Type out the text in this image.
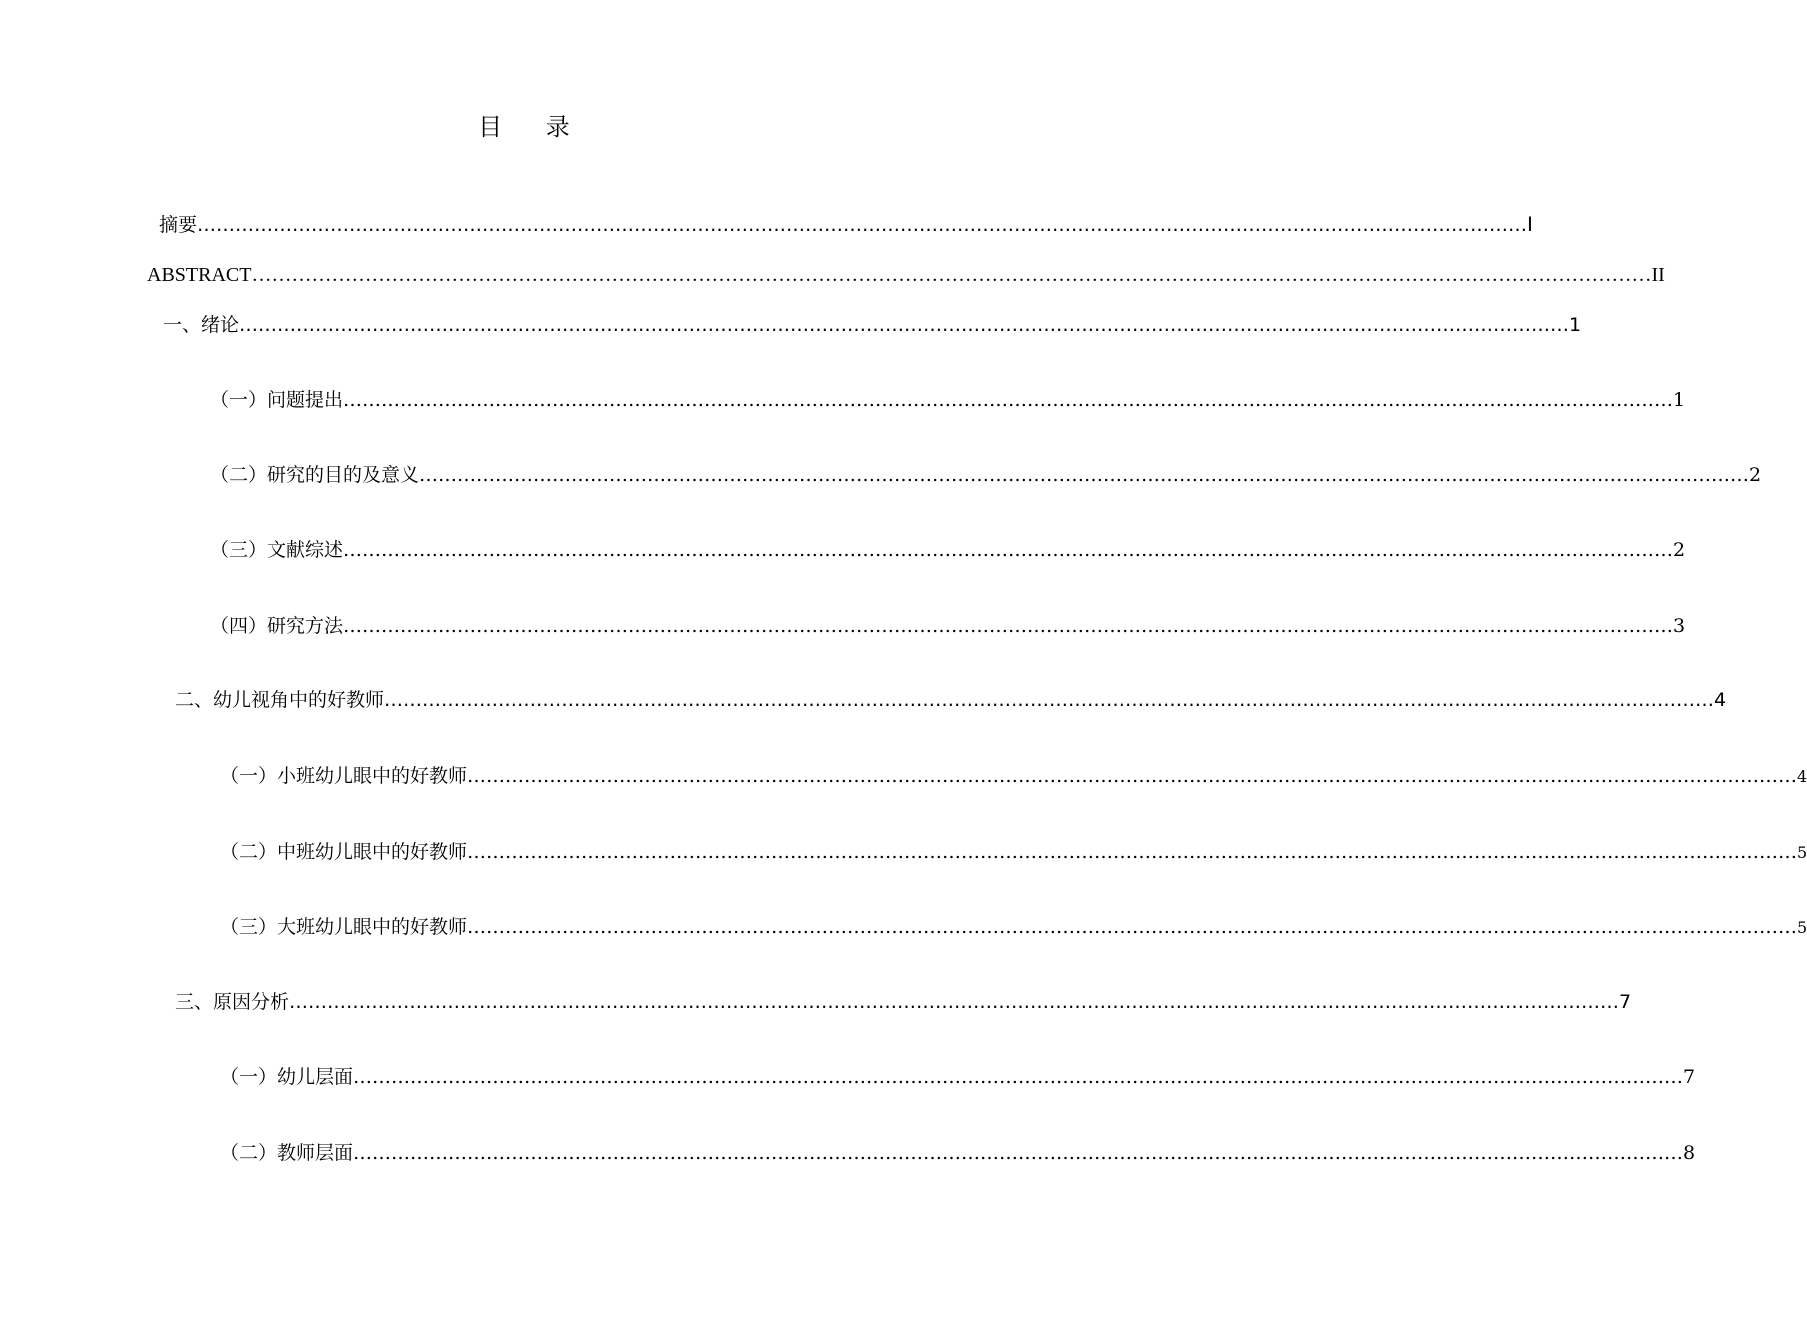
目 录
摘要 ………………………………………………………………………………………………………………………………………………………………………………………… Ⅰ
ABSTRACT ………………………………………………………………………………………………………………………………………………………………………………………… II
一、绪论 ………………………………………………………………………………………………………………………………………………………………………………………… 1
（一）问题提出 ………………………………………………………………………………………………………………………………………………………………………………………… 1
（二）研究的目的及意义 ………………………………………………………………………………………………………………………………………………………………………………………… 2
（三）文献综述 ………………………………………………………………………………………………………………………………………………………………………………………… 2
（四）研究方法 ………………………………………………………………………………………………………………………………………………………………………………………… 3
二、幼儿视角中的好教师 ………………………………………………………………………………………………………………………………………………………………………………………… 4
（一）小班幼儿眼中的好教师 ………………………………………………………………………………………………………………………………………………………………………………………… 4
（二）中班幼儿眼中的好教师 ………………………………………………………………………………………………………………………………………………………………………………………… 5
（三）大班幼儿眼中的好教师 ………………………………………………………………………………………………………………………………………………………………………………………… 5
三、原因分析 ………………………………………………………………………………………………………………………………………………………………………………………… 7
（一）幼儿层面 ………………………………………………………………………………………………………………………………………………………………………………………… 7
（二）教师层面 ………………………………………………………………………………………………………………………………………………………………………………………… 8
